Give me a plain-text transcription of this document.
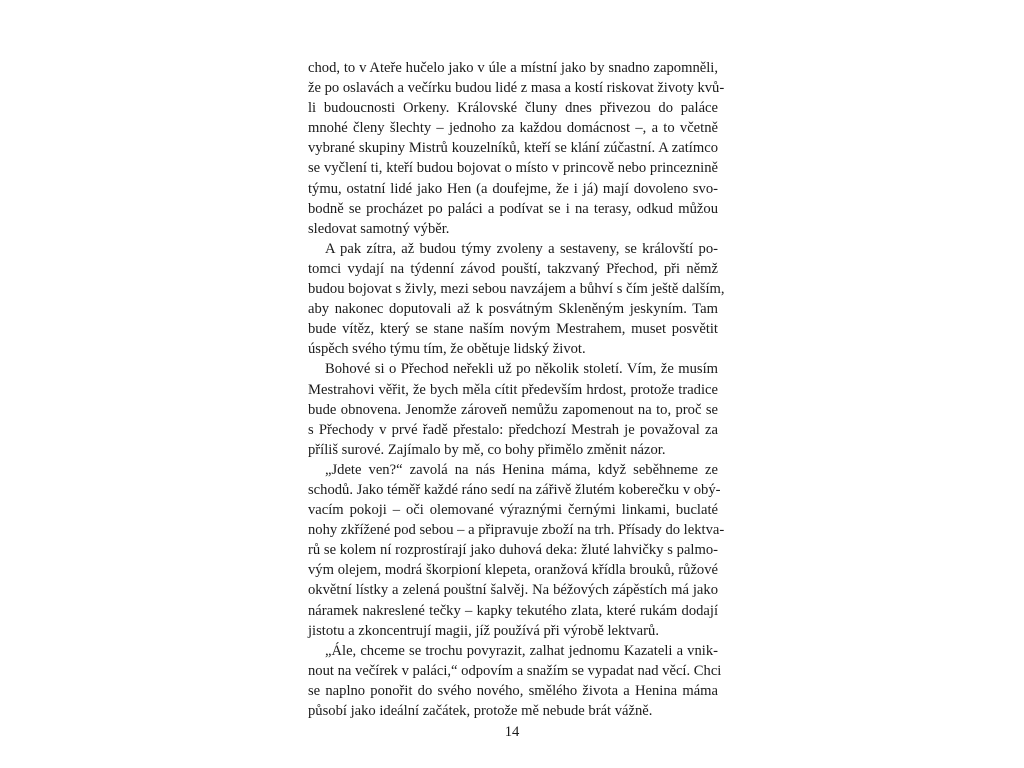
chod, to v Ateře hučelo jako v úle a místní jako by snadno zapomněli,
že po oslavách a večírku budou lidé z masa a kostí riskovat životy kvů-
li budoucnosti Orkeny. Královské čluny dnes přivezou do paláce
mnohé členy šlechty – jednoho za každou domácnost –, a to včetně
vybrané skupiny Mistrů kouzelníků, kteří se klání zúčastní. A zatímco
se vyčlení ti, kteří budou bojovat o místo v princově nebo princeznině
týmu, ostatní lidé jako Hen (a doufejme, že i já) mají dovoleno svo-
bodně se procházet po paláci a podívat se i na terasy, odkud můžou
sledovat samotný výběr.
A pak zítra, až budou týmy zvoleny a sestaveny, se královští po-
tomci vydají na týdenní závod pouští, takzvaný Přechod, při němž
budou bojovat s živly, mezi sebou navzájem a bůhví s čím ještě dalším,
aby nakonec doputovali až k posvátným Skleněným jeskyním. Tam
bude vítěz, který se stane naším novým Mestrahem, muset posvětit
úspěch svého týmu tím, že obětuje lidský život.
Bohové si o Přechod neřekli už po několik století. Vím, že musím
Mestrahovi věřit, že bych měla cítit především hrdost, protože tradice
bude obnovena. Jenomže zároveň nemůžu zapomenout na to, proč se
s Přechody v prvé řadě přestalo: předchozí Mestrah je považoval za
příliš surové. Zajímalo by mě, co bohy přimělo změnit názor.
„Jdete ven?“ zavolá na nás Henina máma, když seběhneme ze
schodů. Jako téměř každé ráno sedí na zářivě žlutém koberečku v obý-
vacím pokoji – oči olemované výraznými černými linkami, buclaté
nohy zkřížené pod sebou – a připravuje zboží na trh. Přísady do lektva-
rů se kolem ní rozprostírají jako duhová deka: žluté lahvičky s palmo-
vým olejem, modrá škorpioní klepeta, oranžová křídla brouků, růžové
okvětní lístky a zelená pouštní šalvěj. Na béžových zápěstích má jako
náramek nakreslené tečky – kapky tekutého zlata, které rukám dodají
jistotu a zkoncentrují magii, jíž používá při výrobě lektvarů.
„Ále, chceme se trochu povyrazit, zalhat jednomu Kazateli a vnik-
nout na večírek v paláci,“ odpovím a snažím se vypadat nad věcí. Chci
se naplno ponořit do svého nového, smělého života a Henina máma
působí jako ideální začátek, protože mě nebude brát vážně.
14
